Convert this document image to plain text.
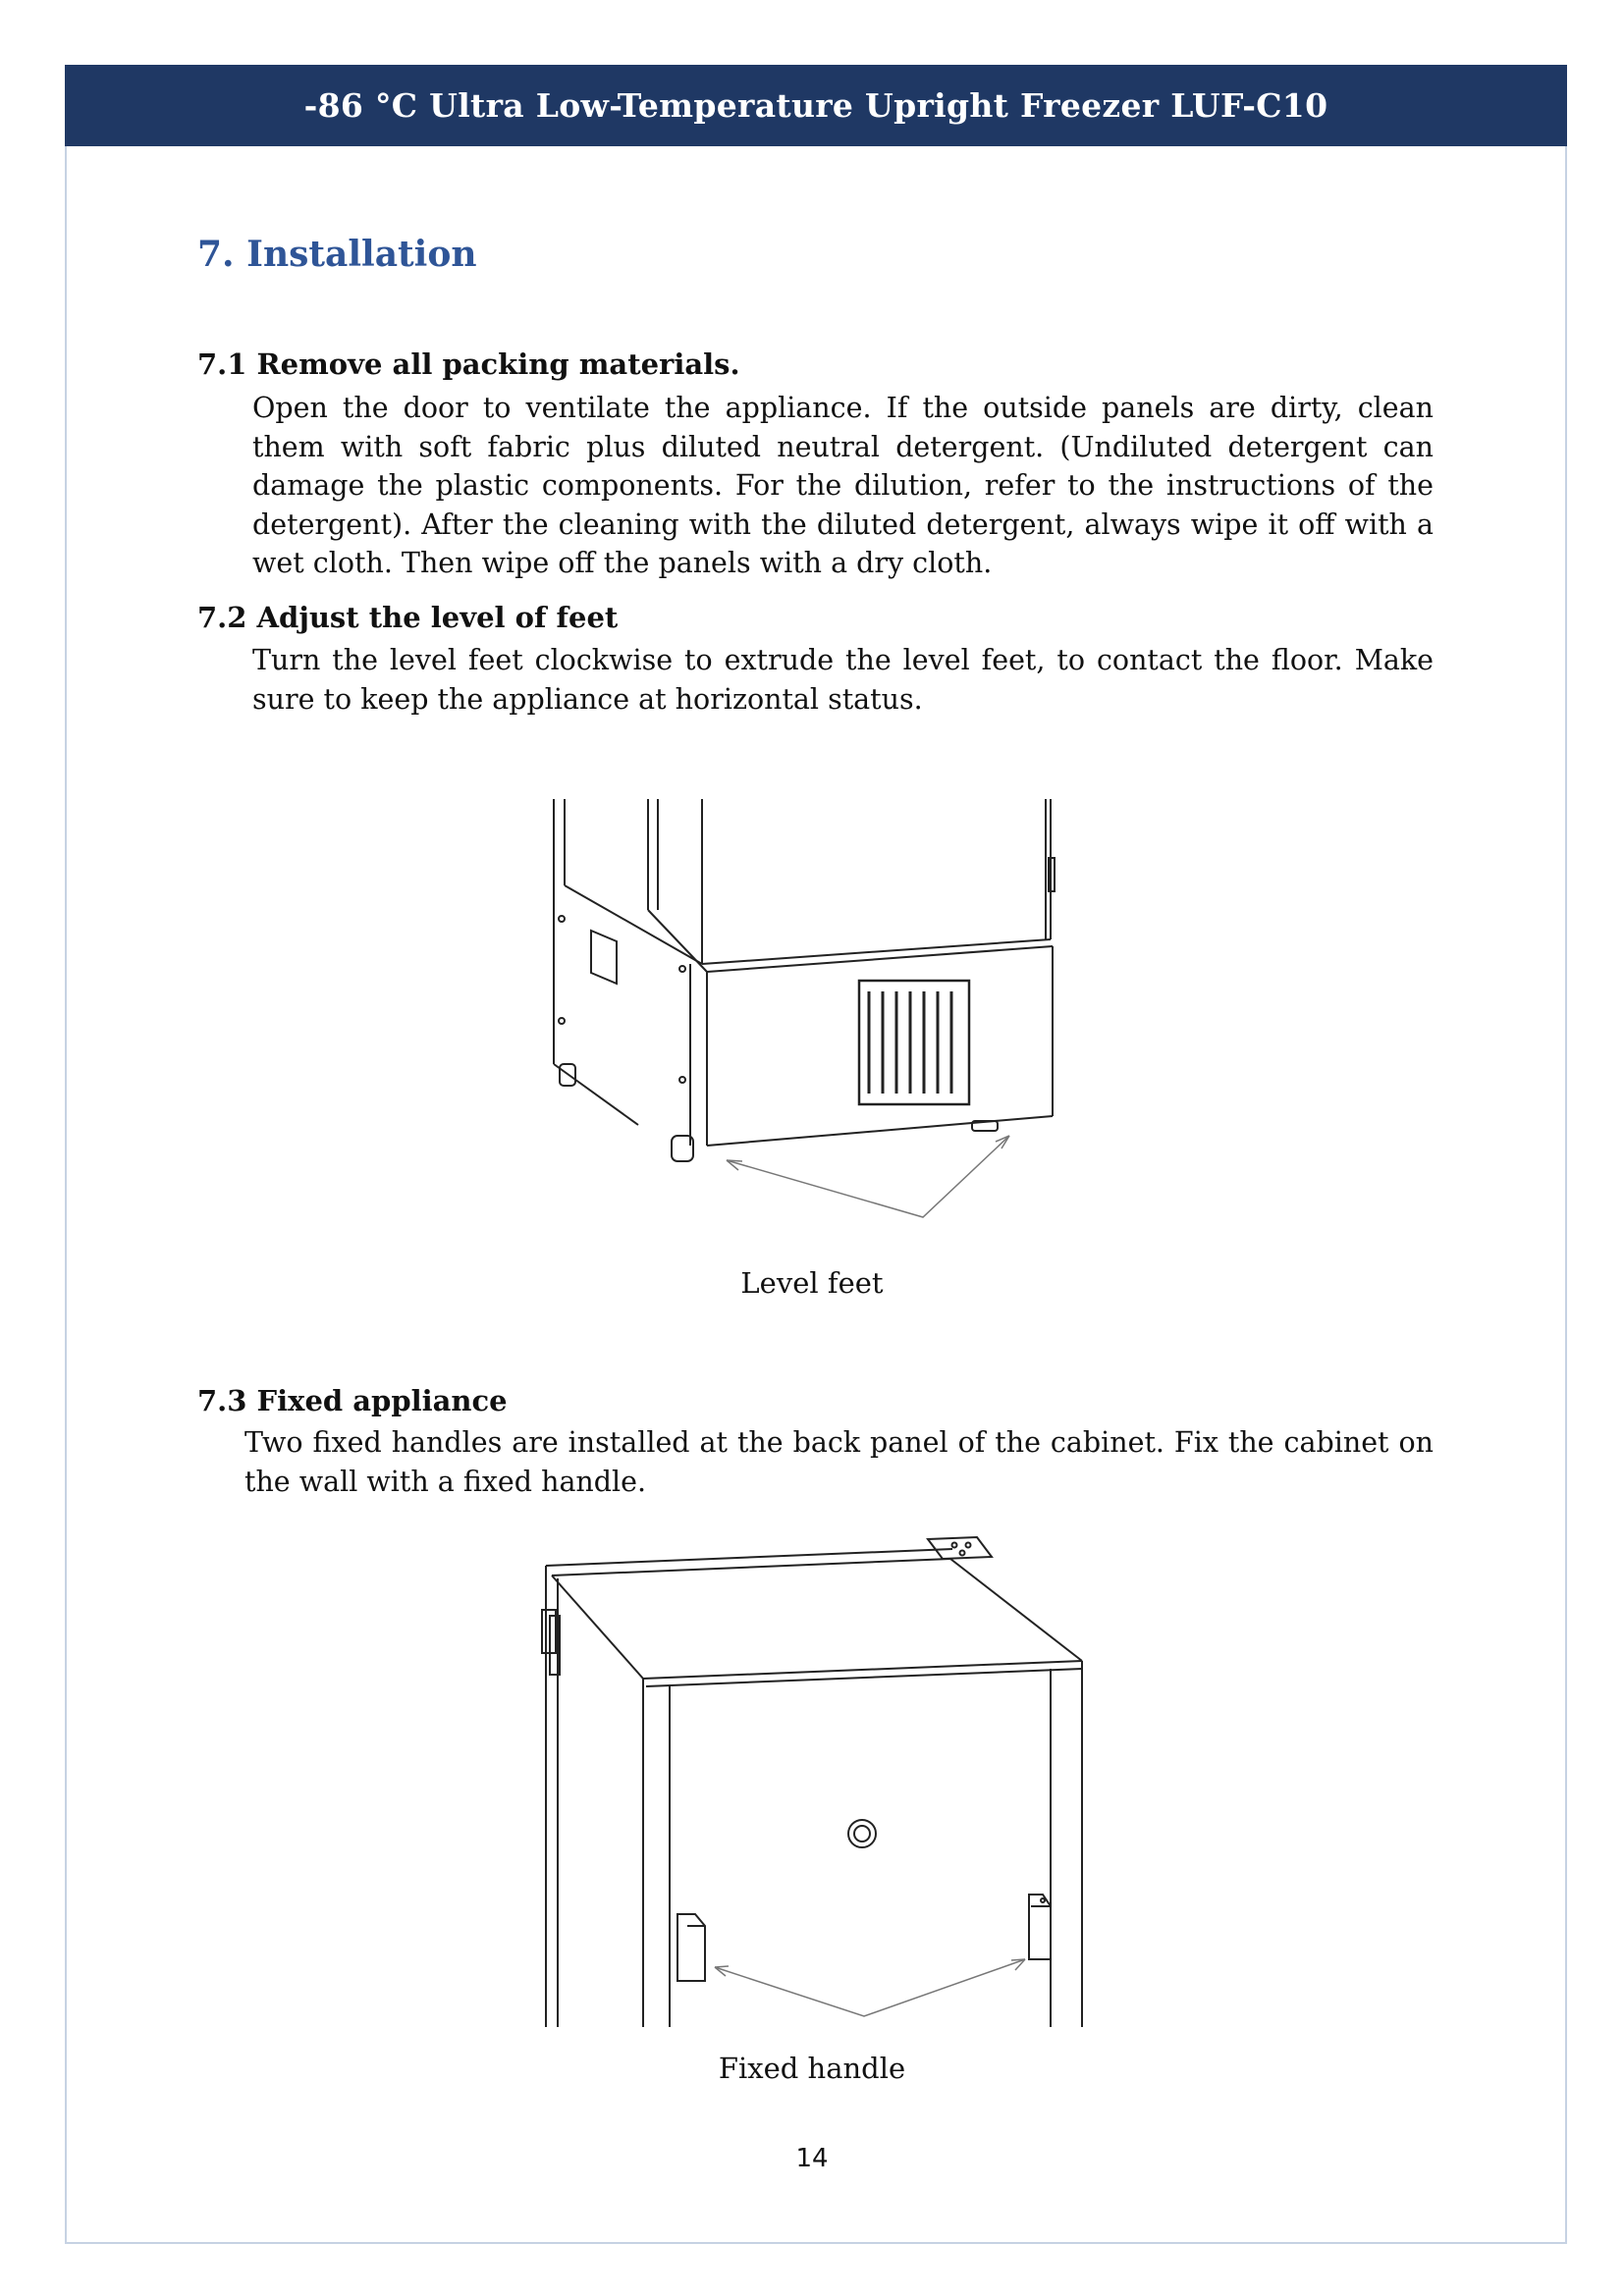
-86 °C Ultra Low-Temperature Upright Freezer LUF-C10
7. Installation
7.1 Remove all packing materials.
Open the door to ventilate the appliance. If the outside panels are dirty, clean them with soft fabric plus diluted neutral detergent. (Undiluted detergent can damage the plastic components. For the dilution, refer to the instructions of the detergent). After the cleaning with the diluted detergent, always wipe it off with a wet cloth. Then wipe off the panels with a dry cloth.
7.2 Adjust the level of feet
Turn the level feet clockwise to extrude the level feet, to contact the floor. Make sure to keep the appliance at horizontal status.
Level feet
7.3 Fixed appliance
Two fixed handles are installed at the back panel of the cabinet. Fix the cabinet on the wall with a fixed handle.
Fixed handle
14
